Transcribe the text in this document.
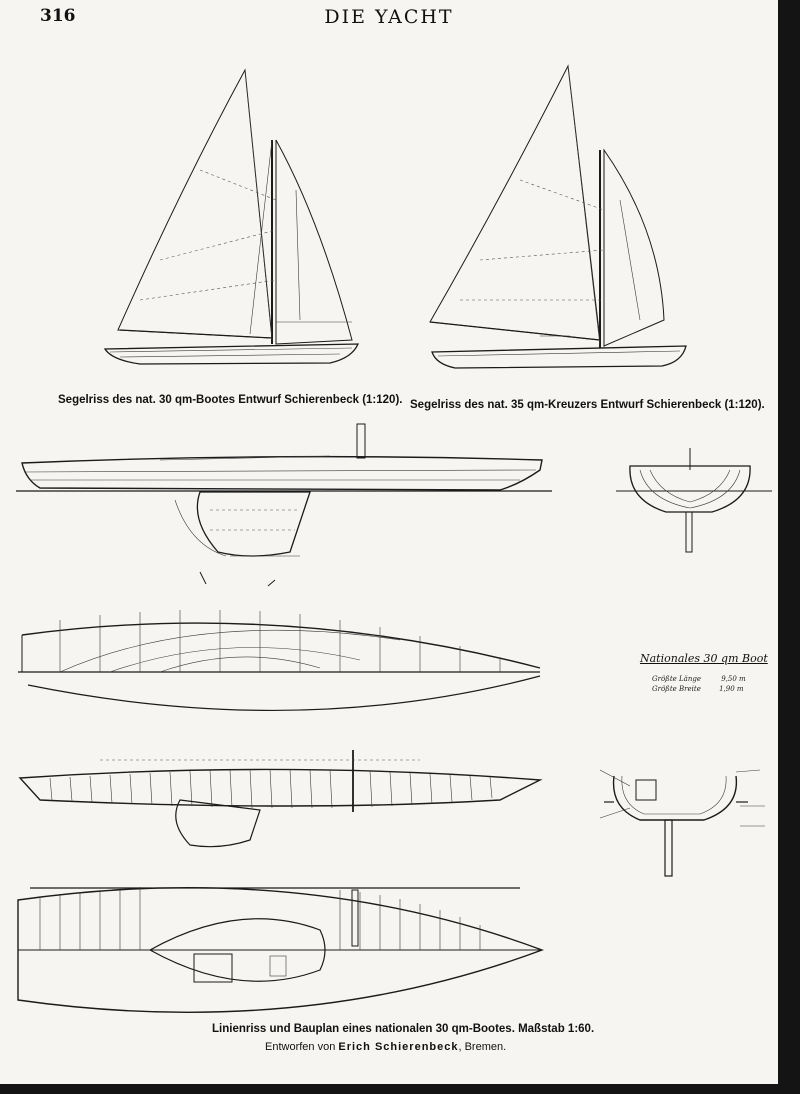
316	DIE YACHT
Segelriss des nat. 30 qm-Bootes Entwurf Schierenbeck (1:120). Segelriss des nat. 35 qm-Kreuzers Entwurf Schierenbeck (1:120).
Nationales 30 qm Boot
Größte Länge	9,50 m
Größte Breite	1,90 m
Linienriss und Bauplan eines nationalen 30 qm-Bootes. Maßstab 1:60.
Entworfen von Erich Schierenbeck, Bremen.
